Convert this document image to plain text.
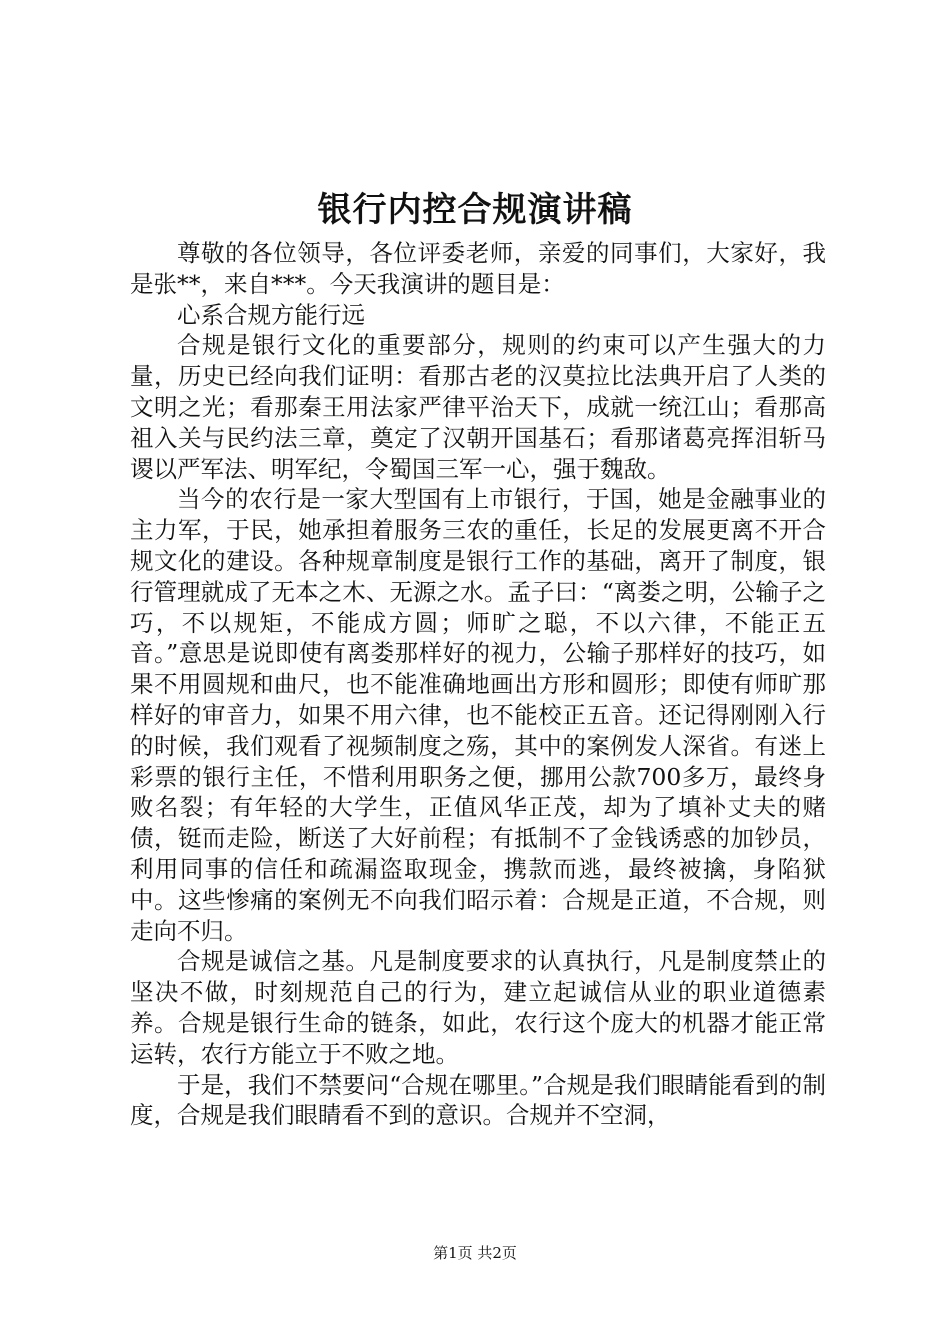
银行内控合规演讲稿

尊敬的各位领导，各位评委老师，亲爱的同事们，大家好，我是张**，来自***。今天我演讲的题目是：

心系合规方能行远

合规是银行文化的重要部分，规则的约束可以产生强大的力量，历史已经向我们证明：看那古老的汉莫拉比法典开启了人类的文明之光；看那秦王用法家严律平治天下，成就一统江山；看那高祖入关与民约法三章，奠定了汉朝开国基石；看那诸葛亮挥泪斩马谡以严军法、明军纪，令蜀国三军一心，强于魏敌。

当今的农行是一家大型国有上市银行，于国，她是金融事业的主力军，于民，她承担着服务三农的重任，长足的发展更离不开合规文化的建设。各种规章制度是银行工作的基础，离开了制度，银行管理就成了无本之木、无源之水。孟子曰：“离娄之明，公输子之巧，不以规矩，不能成方圆；师旷之聪，不以六律，不能正五音。”意思是说即使有离娄那样好的视力，公输子那样好的技巧，如果不用圆规和曲尺，也不能准确地画出方形和圆形；即使有师旷那样好的审音力，如果不用六律，也不能校正五音。还记得刚刚入行的时候，我们观看了视频制度之殇，其中的案例发人深省。有迷上彩票的银行主任，不惜利用职务之便，挪用公款700多万，最终身败名裂；有年轻的大学生，正值风华正茂，却为了填补丈夫的赌债，铤而走险，断送了大好前程；有抵制不了金钱诱惑的加钞员，利用同事的信任和疏漏盗取现金，携款而逃，最终被擒，身陷狱中。这些惨痛的案例无不向我们昭示着：合规是正道，不合规，则走向不归。

合规是诚信之基。凡是制度要求的认真执行，凡是制度禁止的坚决不做，时刻规范自己的行为，建立起诚信从业的职业道德素养。合规是银行生命的链条，如此，农行这个庞大的机器才能正常运转，农行方能立于不败之地。

于是，我们不禁要问“合规在哪里。”合规是我们眼睛能看到的制度，合规是我们眼睛看不到的意识。合规并不空洞，

第1页 共2页
